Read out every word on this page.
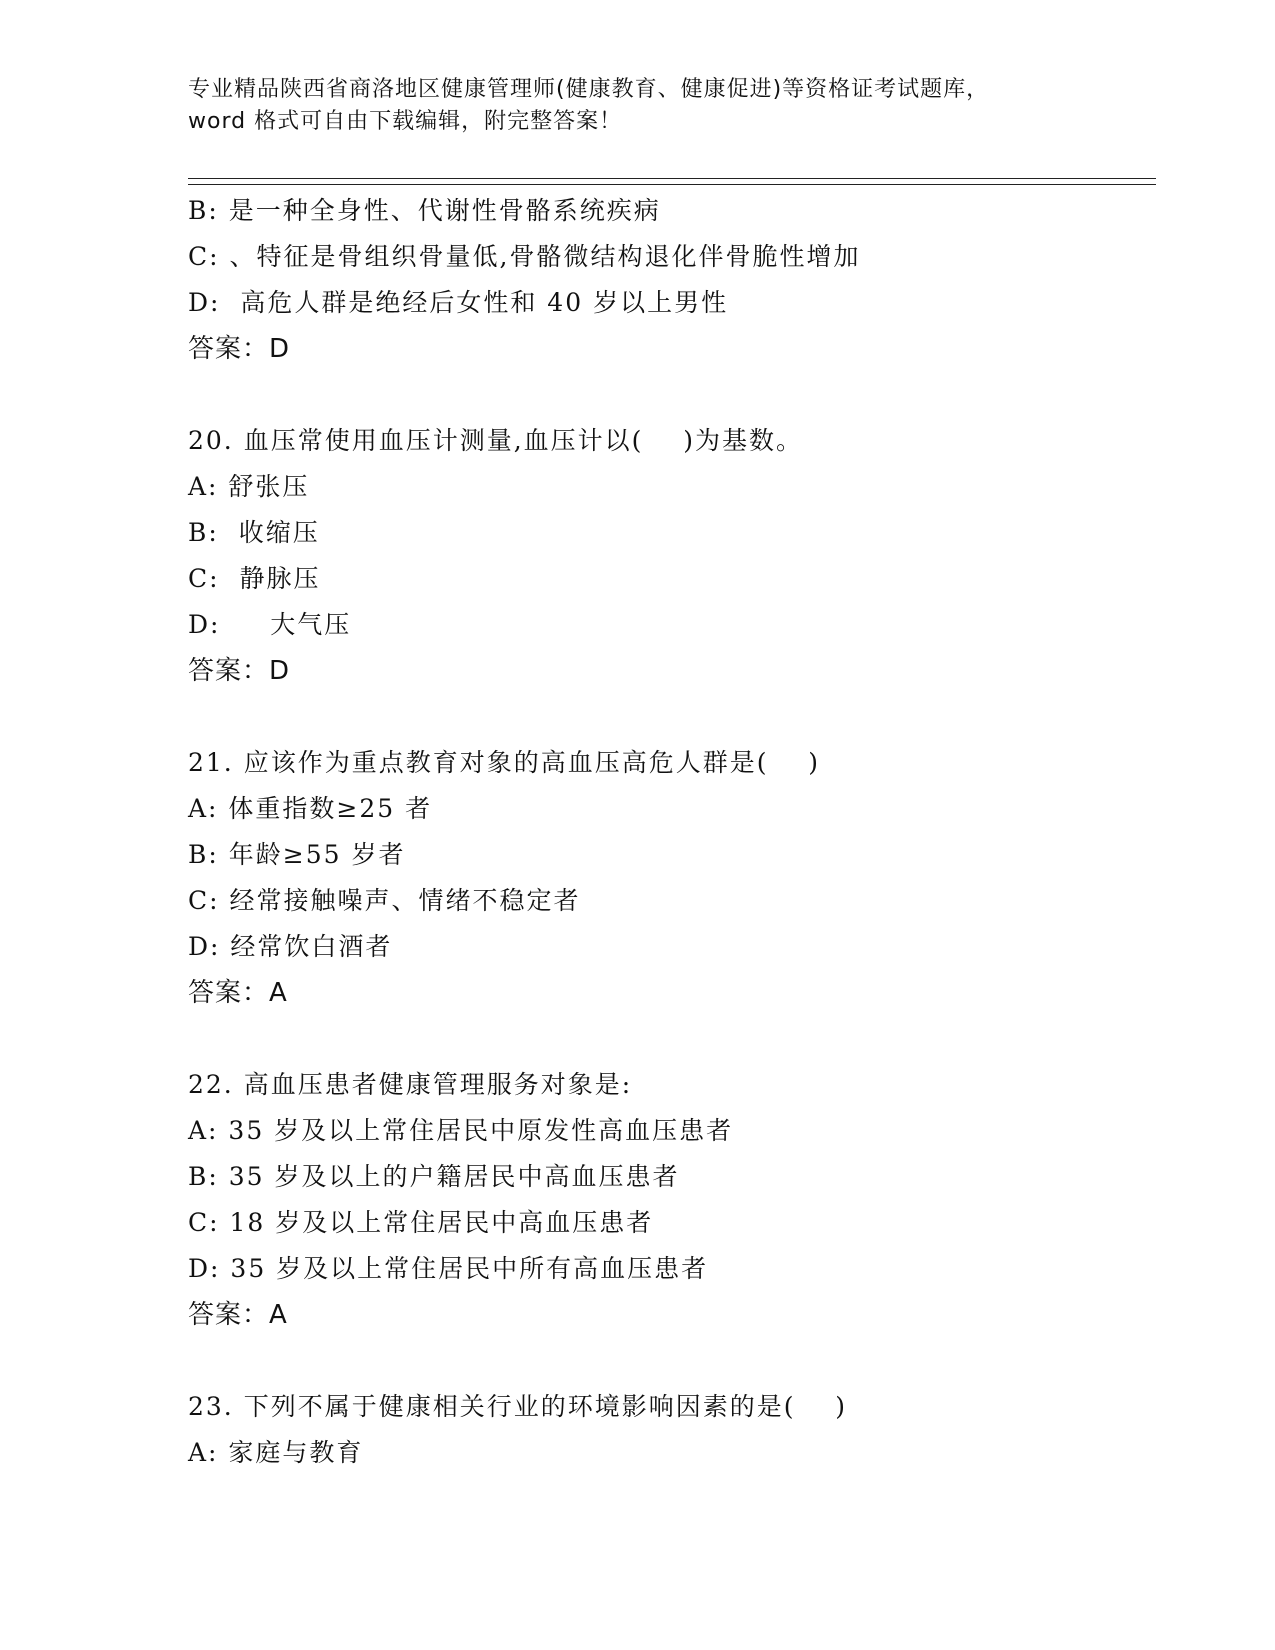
专业精品陕西省商洛地区健康管理师(健康教育、健康促进)等资格证考试题库，
word 格式可自由下载编辑，附完整答案！
B: 是一种全身性、代谢性骨骼系统疾病
C: 、特征是骨组织骨量低,骨骼微结构退化伴骨脆性增加
D:  高危人群是绝经后女性和 40 岁以上男性
答案：D
20. 血压常使用血压计测量,血压计以(    )为基数。
A: 舒张压
B:  收缩压
C:  静脉压
D:     大气压
答案：D
21. 应该作为重点教育对象的高血压高危人群是(    )
A: 体重指数≥25 者
B: 年龄≥55 岁者
C: 经常接触噪声、情绪不稳定者
D: 经常饮白酒者
答案：A
22. 高血压患者健康管理服务对象是:
A: 35 岁及以上常住居民中原发性高血压患者
B: 35 岁及以上的户籍居民中高血压患者
C: 18 岁及以上常住居民中高血压患者
D: 35 岁及以上常住居民中所有高血压患者
答案：A
23. 下列不属于健康相关行业的环境影响因素的是(    )
A: 家庭与教育
